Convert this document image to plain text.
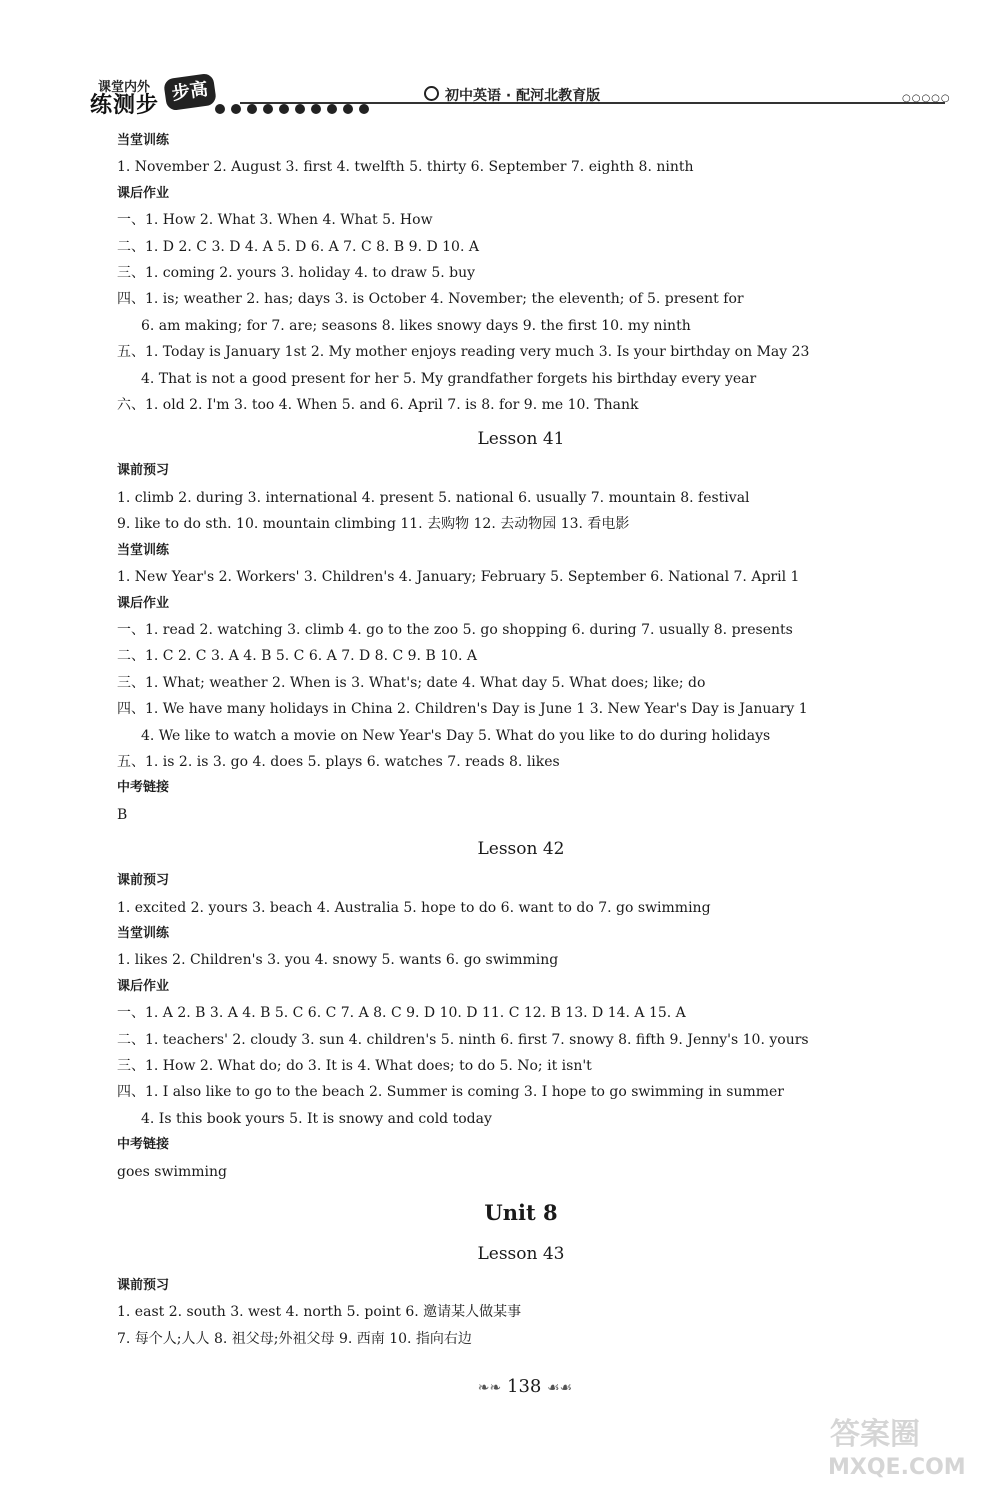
课堂内外
练测步
步高	初中英语 · 配河北教育版	○○○○○
当堂训练
1. November 2. August 3. first 4. twelfth 5. thirty 6. September 7. eighth 8. ninth
课后作业
一、1. How 2. What 3. When 4. What 5. How
二、1. D 2. C 3. D 4. A 5. D 6. A 7. C 8. B 9. D 10. A
三、1. coming 2. yours 3. holiday 4. to draw 5. buy
四、1. is; weather 2. has; days 3. is October 4. November; the eleventh; of 5. present for
6. am making; for 7. are; seasons 8. likes snowy days 9. the first 10. my ninth
五、1. Today is January 1st 2. My mother enjoys reading very much 3. Is your birthday on May 23
4. That is not a good present for her 5. My grandfather forgets his birthday every year
六、1. old 2. I'm 3. too 4. When 5. and 6. April 7. is 8. for 9. me 10. Thank
Lesson 41
课前预习
1. climb 2. during 3. international 4. present 5. national 6. usually 7. mountain 8. festival
9. like to do sth. 10. mountain climbing 11. 去购物 12. 去动物园 13. 看电影
当堂训练
1. New Year's 2. Workers' 3. Children's 4. January; February 5. September 6. National 7. April 1
课后作业
一、1. read 2. watching 3. climb 4. go to the zoo 5. go shopping 6. during 7. usually 8. presents
二、1. C 2. C 3. A 4. B 5. C 6. A 7. D 8. C 9. B 10. A
三、1. What; weather 2. When is 3. What's; date 4. What day 5. What does; like; do
四、1. We have many holidays in China 2. Children's Day is June 1 3. New Year's Day is January 1
4. We like to watch a movie on New Year's Day 5. What do you like to do during holidays
五、1. is 2. is 3. go 4. does 5. plays 6. watches 7. reads 8. likes
中考链接
B
Lesson 42
课前预习
1. excited 2. yours 3. beach 4. Australia 5. hope to do 6. want to do 7. go swimming
当堂训练
1. likes 2. Children's 3. you 4. snowy 5. wants 6. go swimming
课后作业
一、1. A 2. B 3. A 4. B 5. C 6. C 7. A 8. C 9. D 10. D 11. C 12. B 13. D 14. A 15. A
二、1. teachers' 2. cloudy 3. sun 4. children's 5. ninth 6. first 7. snowy 8. fifth 9. Jenny's 10. yours
三、1. How 2. What do; do 3. It is 4. What does; to do 5. No; it isn't
四、1. I also like to go to the beach 2. Summer is coming 3. I hope to go swimming in summer
4. Is this book yours 5. It is snowy and cold today
中考链接
goes swimming
Unit 8
Lesson 43
课前预习
1. east 2. south 3. west 4. north 5. point 6. 邀请某人做某事
7. 每个人;人人 8. 祖父母;外祖父母 9. 西南 10. 指向右边
❧❧ 138 ☙☙
答案圈
MXQE.COM
